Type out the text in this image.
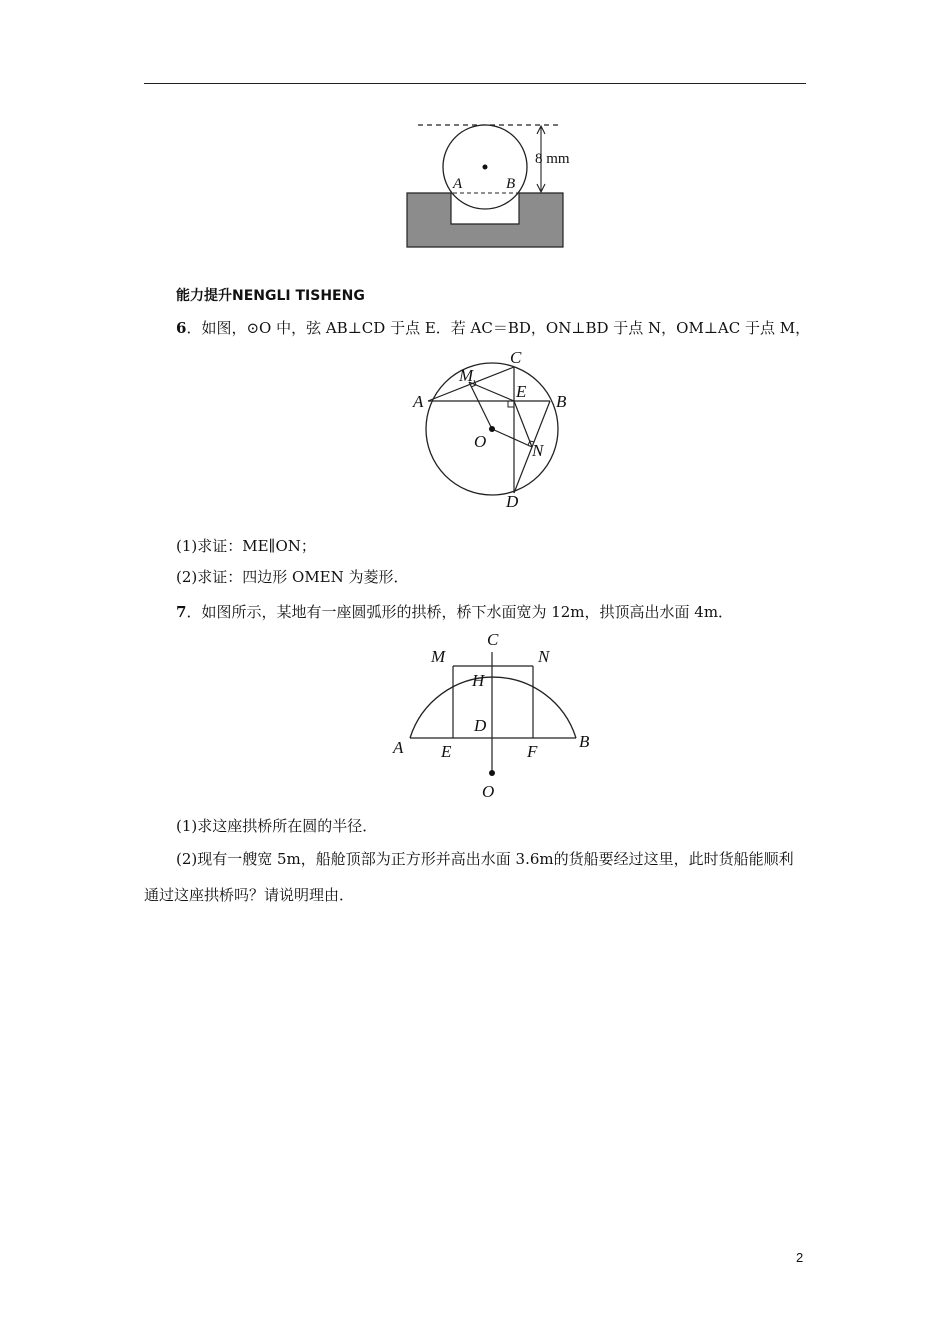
8 mm
A	B
能力提升NENGLI TISHENG
6．如图，⊙O 中，弦 AB⊥CD 于点 E．若 AC＝BD，ON⊥BD 于点 N，OM⊥AC 于点 M，
A	B
C
D
E
M
N
O
(1)求证：ME∥ON；
(2)求证：四边形 OMEN 为菱形．
7．如图所示，某地有一座圆弧形的拱桥，桥下水面宽为 12m，拱顶高出水面 4m．
C
M	N
H
D
A	B
E	F
O
(1)求这座拱桥所在圆的半径．
(2)现有一艘宽 5m，船舱顶部为正方形并高出水面 3.6m的货船要经过这里，此时货船能顺利通过这座拱桥吗？请说明理由．
2
